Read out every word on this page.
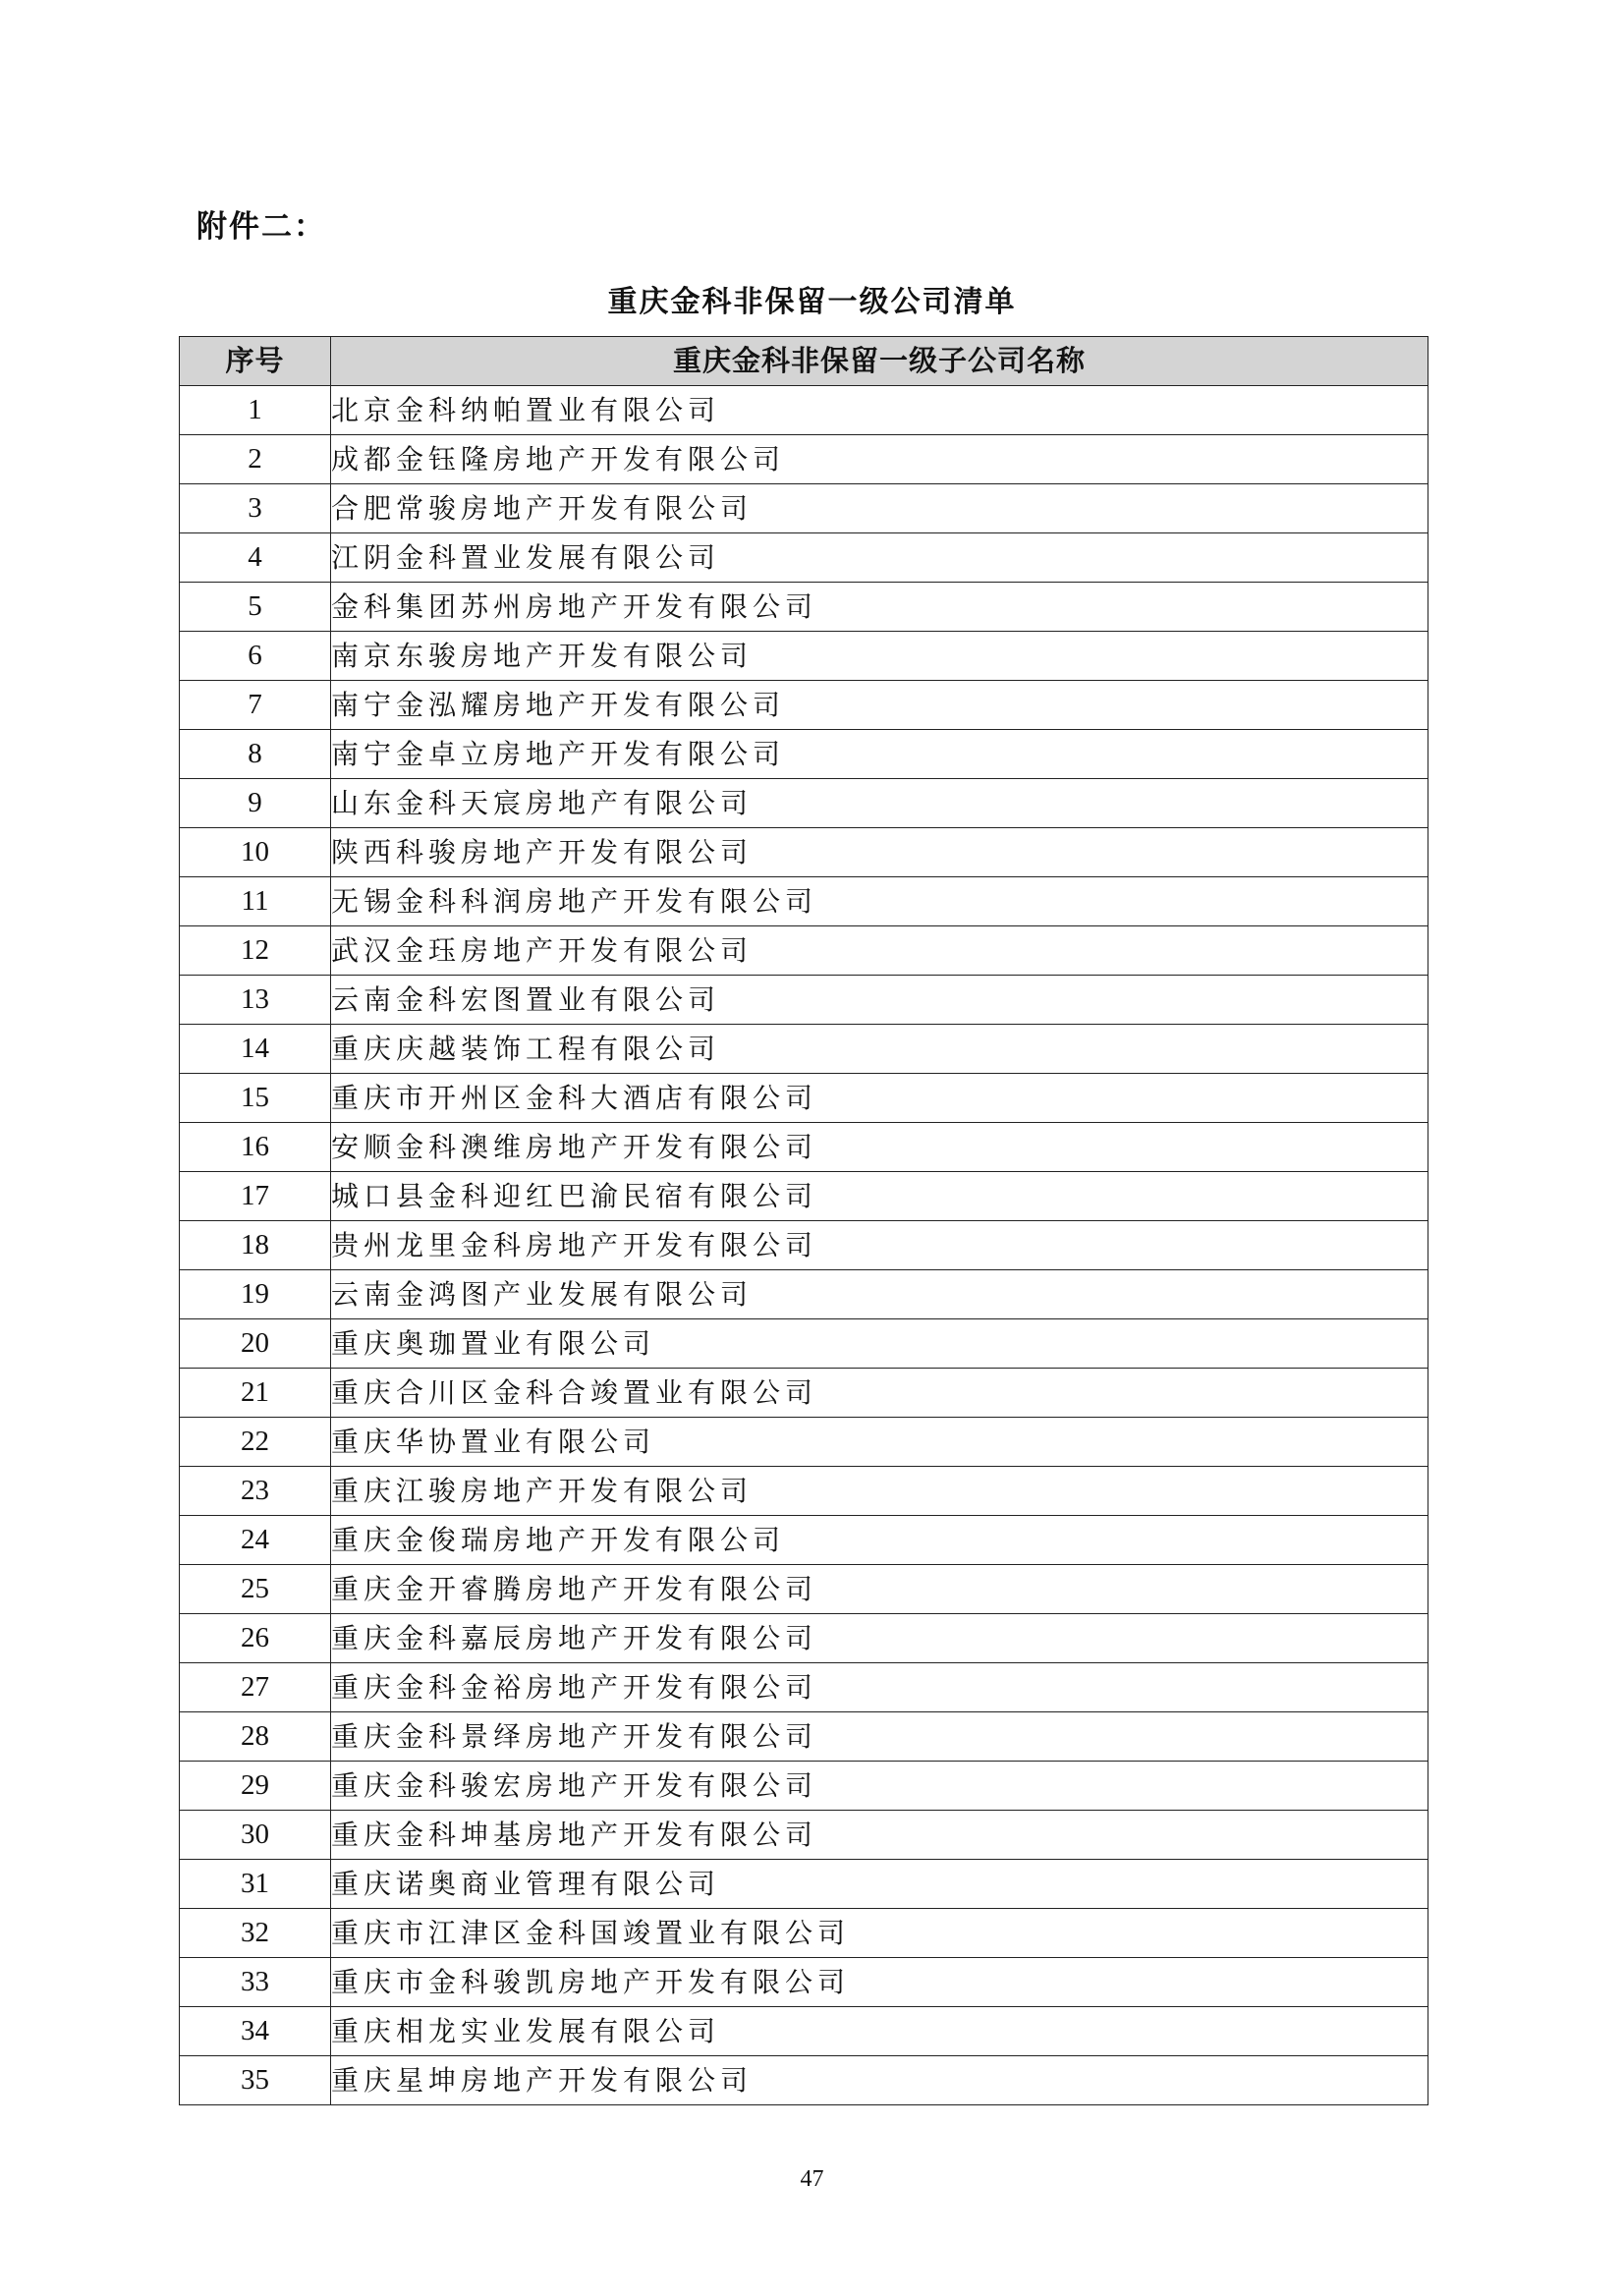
附件二：
重庆金科非保留一级公司清单
序号	重庆金科非保留一级子公司名称
1	北京金科纳帕置业有限公司
2	成都金钰隆房地产开发有限公司
3	合肥常骏房地产开发有限公司
4	江阴金科置业发展有限公司
5	金科集团苏州房地产开发有限公司
6	南京东骏房地产开发有限公司
7	南宁金泓耀房地产开发有限公司
8	南宁金卓立房地产开发有限公司
9	山东金科天宸房地产有限公司
10	陕西科骏房地产开发有限公司
11	无锡金科科润房地产开发有限公司
12	武汉金珏房地产开发有限公司
13	云南金科宏图置业有限公司
14	重庆庆越装饰工程有限公司
15	重庆市开州区金科大酒店有限公司
16	安顺金科澳维房地产开发有限公司
17	城口县金科迎红巴渝民宿有限公司
18	贵州龙里金科房地产开发有限公司
19	云南金鸿图产业发展有限公司
20	重庆奥珈置业有限公司
21	重庆合川区金科合竣置业有限公司
22	重庆华协置业有限公司
23	重庆江骏房地产开发有限公司
24	重庆金俊瑞房地产开发有限公司
25	重庆金开睿腾房地产开发有限公司
26	重庆金科嘉辰房地产开发有限公司
27	重庆金科金裕房地产开发有限公司
28	重庆金科景绎房地产开发有限公司
29	重庆金科骏宏房地产开发有限公司
30	重庆金科坤基房地产开发有限公司
31	重庆诺奥商业管理有限公司
32	重庆市江津区金科国竣置业有限公司
33	重庆市金科骏凯房地产开发有限公司
34	重庆相龙实业发展有限公司
35	重庆星坤房地产开发有限公司
47
